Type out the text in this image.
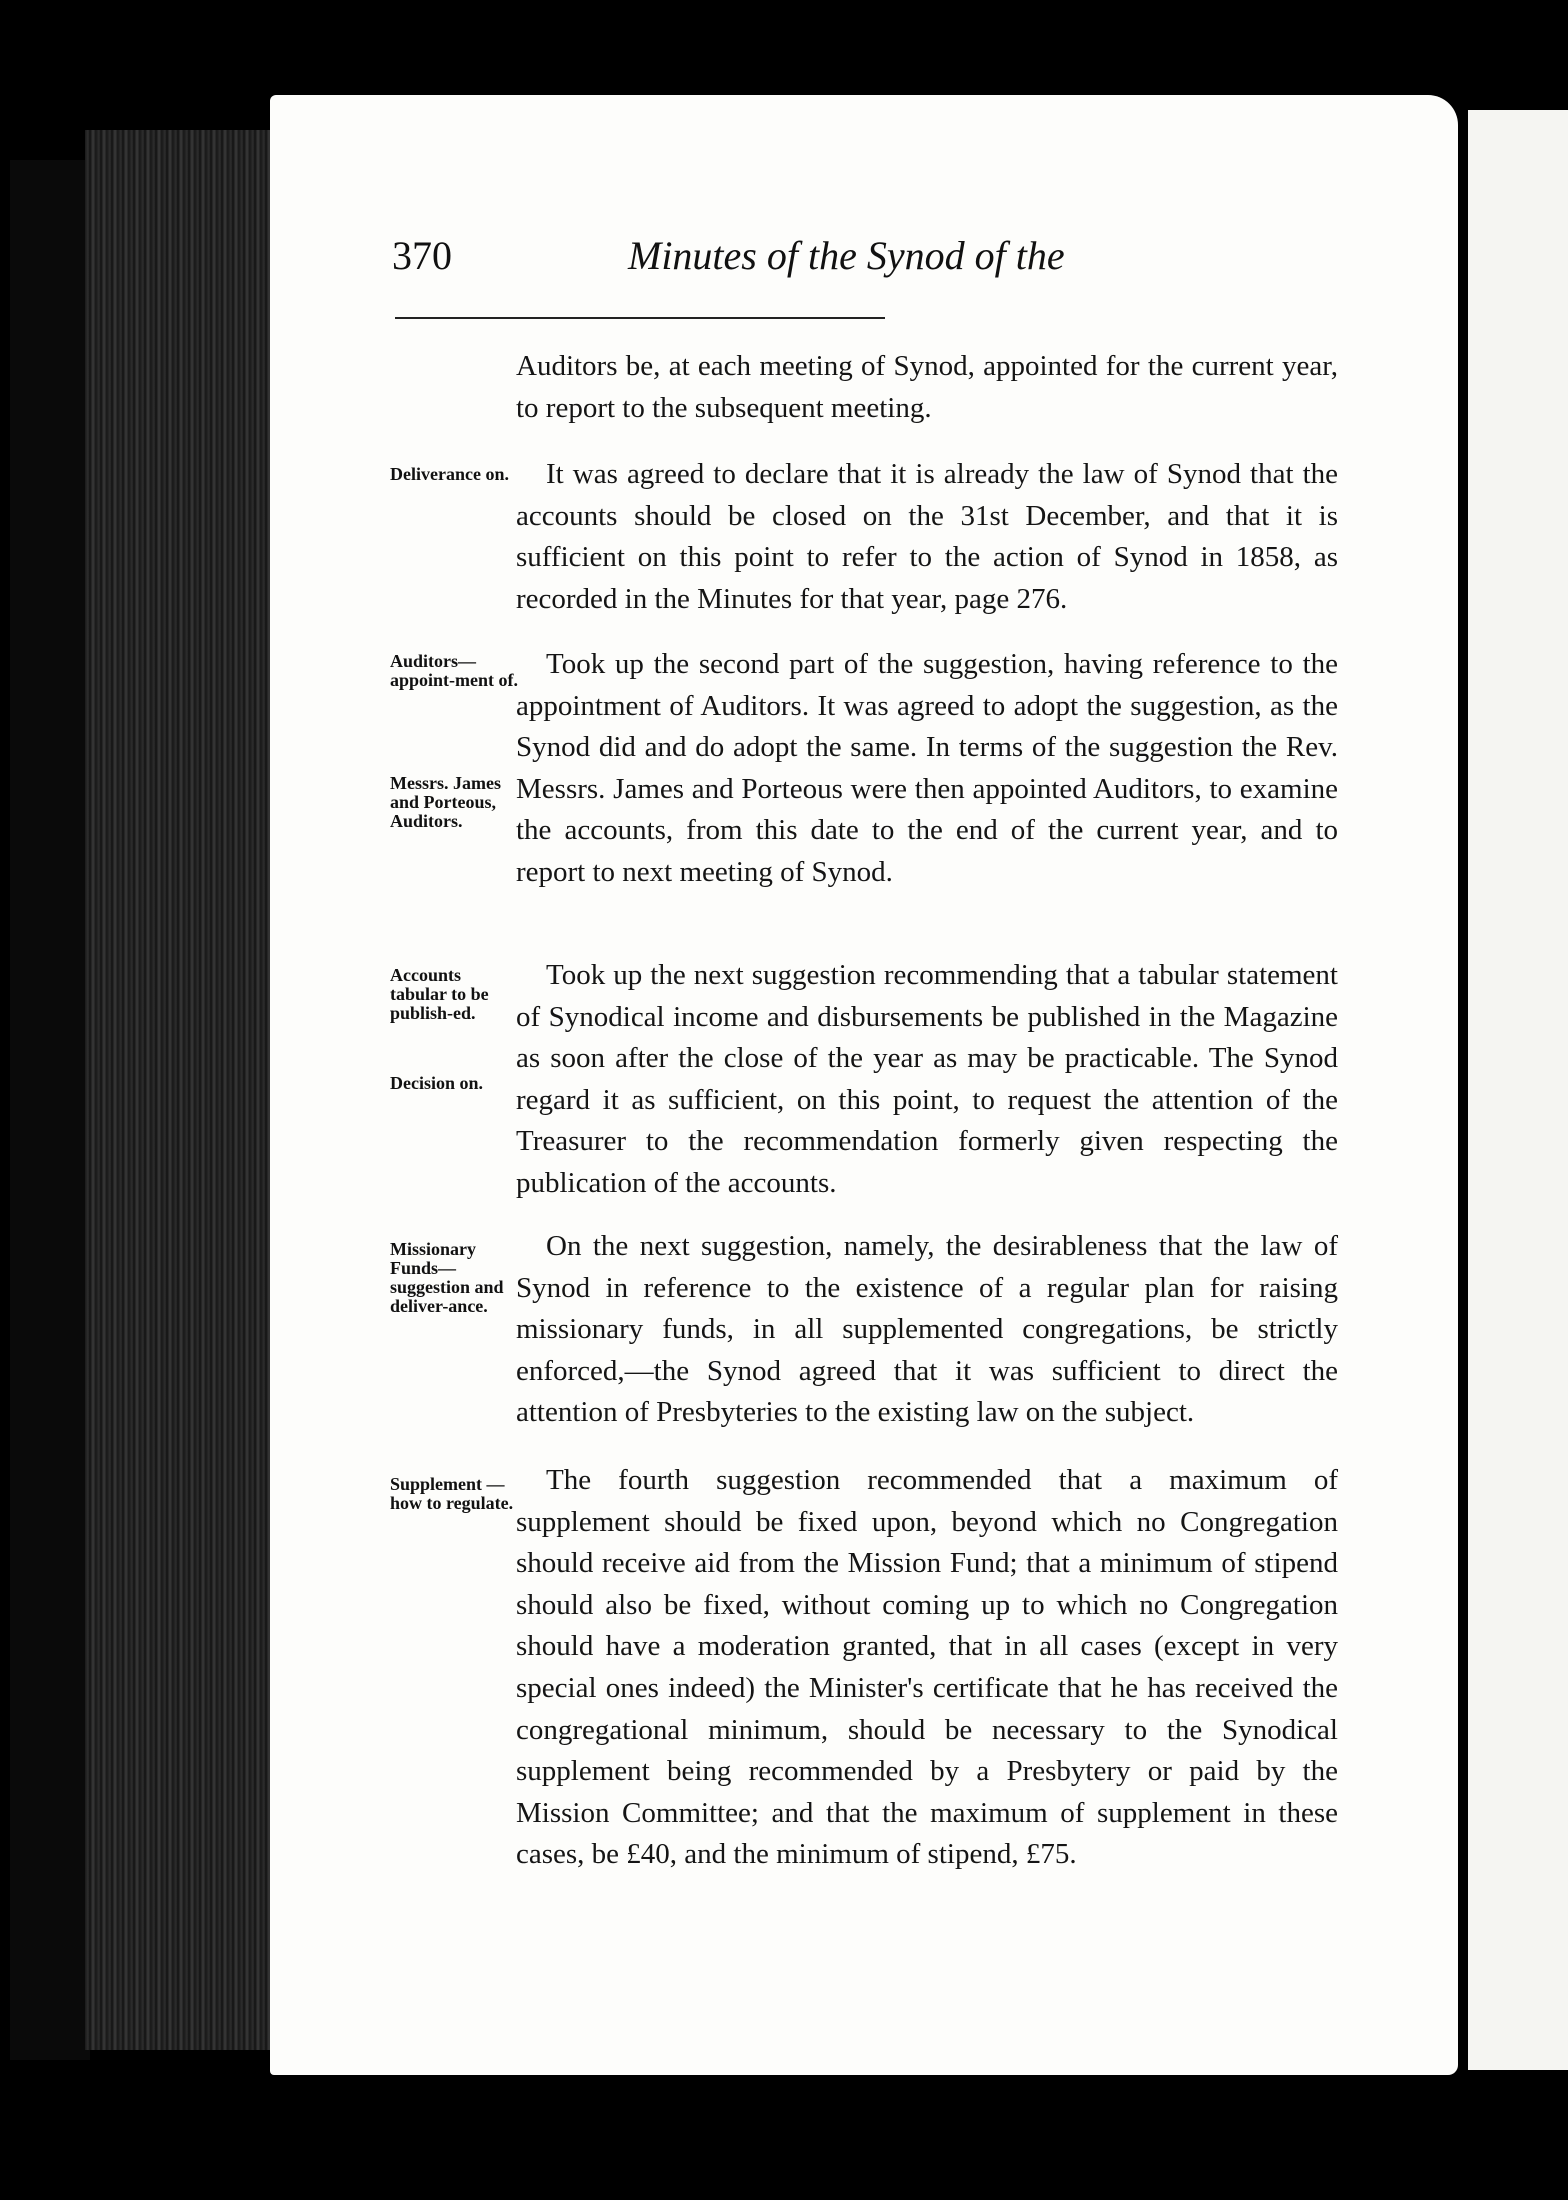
370	Minutes of the Synod of the
Deliverance on.
Auditors—appoint-ment of.
Messrs. James and Porteous, Auditors.
Accounts tabular to be publish-ed.
Decision on.
Missionary Funds—suggestion and deliver-ance.
Supplement —how to regulate.

Auditors be, at each meeting of Synod, appointed for the current year, to report to the subsequent meeting.

It was agreed to declare that it is already the law of Synod that the accounts should be closed on the 31st December, and that it is sufficient on this point to refer to the action of Synod in 1858, as recorded in the Minutes for that year, page 276.

Took up the second part of the suggestion, having reference to the appointment of Auditors. It was agreed to adopt the suggestion, as the Synod did and do adopt the same. In terms of the suggestion the Rev. Messrs. James and Porteous were then appointed Auditors, to examine the accounts, from this date to the end of the current year, and to report to next meeting of Synod.

Took up the next suggestion recommending that a tabular statement of Synodical income and disbursements be published in the Magazine as soon after the close of the year as may be practicable. The Synod regard it as sufficient, on this point, to request the attention of the Treasurer to the recommendation formerly given respecting the publication of the accounts.

On the next suggestion, namely, the desirableness that the law of Synod in reference to the existence of a regular plan for raising missionary funds, in all supplemented congregations, be strictly enforced,—the Synod agreed that it was sufficient to direct the attention of Presbyteries to the existing law on the subject.

The fourth suggestion recommended that a maximum of supplement should be fixed upon, beyond which no Congregation should receive aid from the Mission Fund; that a minimum of stipend should also be fixed, without coming up to which no Congregation should have a moderation granted, that in all cases (except in very special ones indeed) the Minister's certificate that he has received the congregational minimum, should be necessary to the Synodical supplement being recommended by a Presbytery or paid by the Mission Committee; and that the maximum of supplement in these cases, be £40, and the minimum of stipend, £75.
